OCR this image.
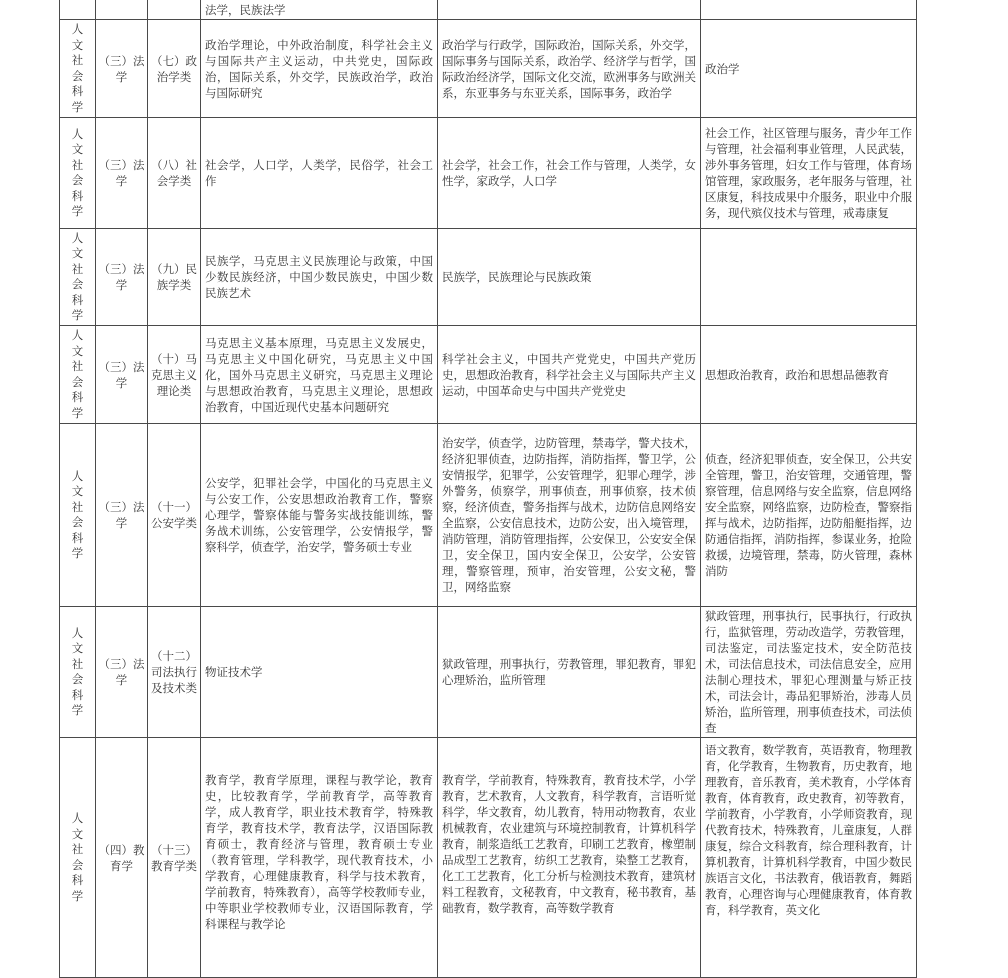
			法学，民族法学		

人文社会科学	（三）法学	（七）政治学类	政治学理论，中外政治制度，科学社会主义与国际共产主义运动，中共党史，国际政治，国际关系，外交学，民族政治学，政治与国际研究	政治学与行政学，国际政治，国际关系，外交学，国际事务与国际关系，政治学、经济学与哲学，国际政治经济学，国际文化交流，欧洲事务与欧洲关系，东亚事务与东亚关系，国际事务，政治学	政治学

人文社会科学	（三）法学	（八）社会学类	社会学，人口学，人类学，民俗学，社会工作	社会学，社会工作，社会工作与管理，人类学，女性学，家政学，人口学	社会工作，社区管理与服务，青少年工作与管理，社会福利事业管理，人民武装，涉外事务管理，妇女工作与管理，体育场馆管理，家政服务，老年服务与管理，社区康复，科技成果中介服务，职业中介服务，现代殡仪技术与管理，戒毒康复

人文社会科学	（三）法学	（九）民族学类	民族学，马克思主义民族理论与政策，中国少数民族经济，中国少数民族史，中国少数民族艺术	民族学，民族理论与民族政策	

人文社会科学	（三）法学	（十）马克思主义理论类	马克思主义基本原理，马克思主义发展史，马克思主义中国化研究，马克思主义中国化，国外马克思主义研究，马克思主义理论与思想政治教育，马克思主义理论，思想政治教育，中国近现代史基本问题研究	科学社会主义，中国共产党党史，中国共产党历史，思想政治教育，科学社会主义与国际共产主义运动，中国革命史与中国共产党党史	思想政治教育，政治和思想品德教育

人文社会科学	（三）法学	（十一）公安学类	公安学，犯罪社会学，中国化的马克思主义与公安工作，公安思想政治教育工作，警察心理学，警察体能与警务实战技能训练，警务战术训练，公安管理学，公安情报学，警察科学，侦查学，治安学，警务硕士专业	治安学，侦查学，边防管理，禁毒学，警犬技术，经济犯罪侦查，边防指挥，消防指挥，警卫学，公安情报学，犯罪学，公安管理学，犯罪心理学，涉外警务，侦察学，刑事侦查，刑事侦察，技术侦察，经济侦查，警务指挥与战术，边防信息网络安全监察，公安信息技术，边防公安，出入境管理，消防管理，消防管理指挥，公安保卫，公安安全保卫，安全保卫，国内安全保卫，公安学，公安管理，警察管理，预审，治安管理，公安文秘，警卫，网络监察	侦查，经济犯罪侦查，安全保卫，公共安全管理，警卫，治安管理，交通管理，警察管理，信息网络与安全监察，信息网络安全监察，网络监察，边防检查，警察指挥与战术，边防指挥，边防船艇指挥，边防通信指挥，消防指挥，参谋业务，抢险救援，边境管理，禁毒，防火管理，森林消防

人文社会科学	（三）法学	（十二）司法执行及技术类	物证技术学	狱政管理，刑事执行，劳教管理，罪犯教育，罪犯心理矫治，监所管理	狱政管理，刑事执行，民事执行，行政执行，监狱管理，劳动改造学，劳教管理，司法鉴定，司法鉴定技术，安全防范技术，司法信息技术，司法信息安全，应用法制心理技术，罪犯心理测量与矫正技术，司法会计，毒品犯罪矫治，涉毒人员矫治，监所管理，刑事侦查技术，司法侦查

人文社会科学	（四）教育学	（十三）教育学类	教育学，教育学原理，课程与教学论，教育史，比较教育学，学前教育学，高等教育学，成人教育学，职业技术教育学，特殊教育学，教育技术学，教育法学，汉语国际教育硕士，教育经济与管理，教育硕士专业（教育管理，学科教学，现代教育技术，小学教育，心理健康教育，科学与技术教育，学前教育，特殊教育），高等学校教师专业，中等职业学校教师专业，汉语国际教育，学科课程与教学论	教育学，学前教育，特殊教育，教育技术学，小学教育，艺术教育，人文教育，科学教育，言语听觉科学，华文教育，幼儿教育，特用动物教育，农业机械教育，农业建筑与环境控制教育，计算机科学教育，制浆造纸工艺教育，印刷工艺教育，橡塑制品成型工艺教育，纺织工艺教育，染整工艺教育，化工工艺教育，化工分析与检测技术教育，建筑材料工程教育，文秘教育，中文教育，秘书教育，基础教育，数学教育，高等数学教育	语文教育，数学教育，英语教育，物理教育，化学教育，生物教育，历史教育，地理教育，音乐教育，美术教育，小学体育教育，体育教育，政史教育，初等教育，学前教育，小学教育，小学师资教育，现代教育技术，特殊教育，儿童康复，人群康复，综合文科教育，综合理科教育，计算机教育，计算机科学教育，中国少数民族语言文化，书法教育，俄语教育，舞蹈教育，心理咨询与心理健康教育，体育教育，科学教育，英文化
